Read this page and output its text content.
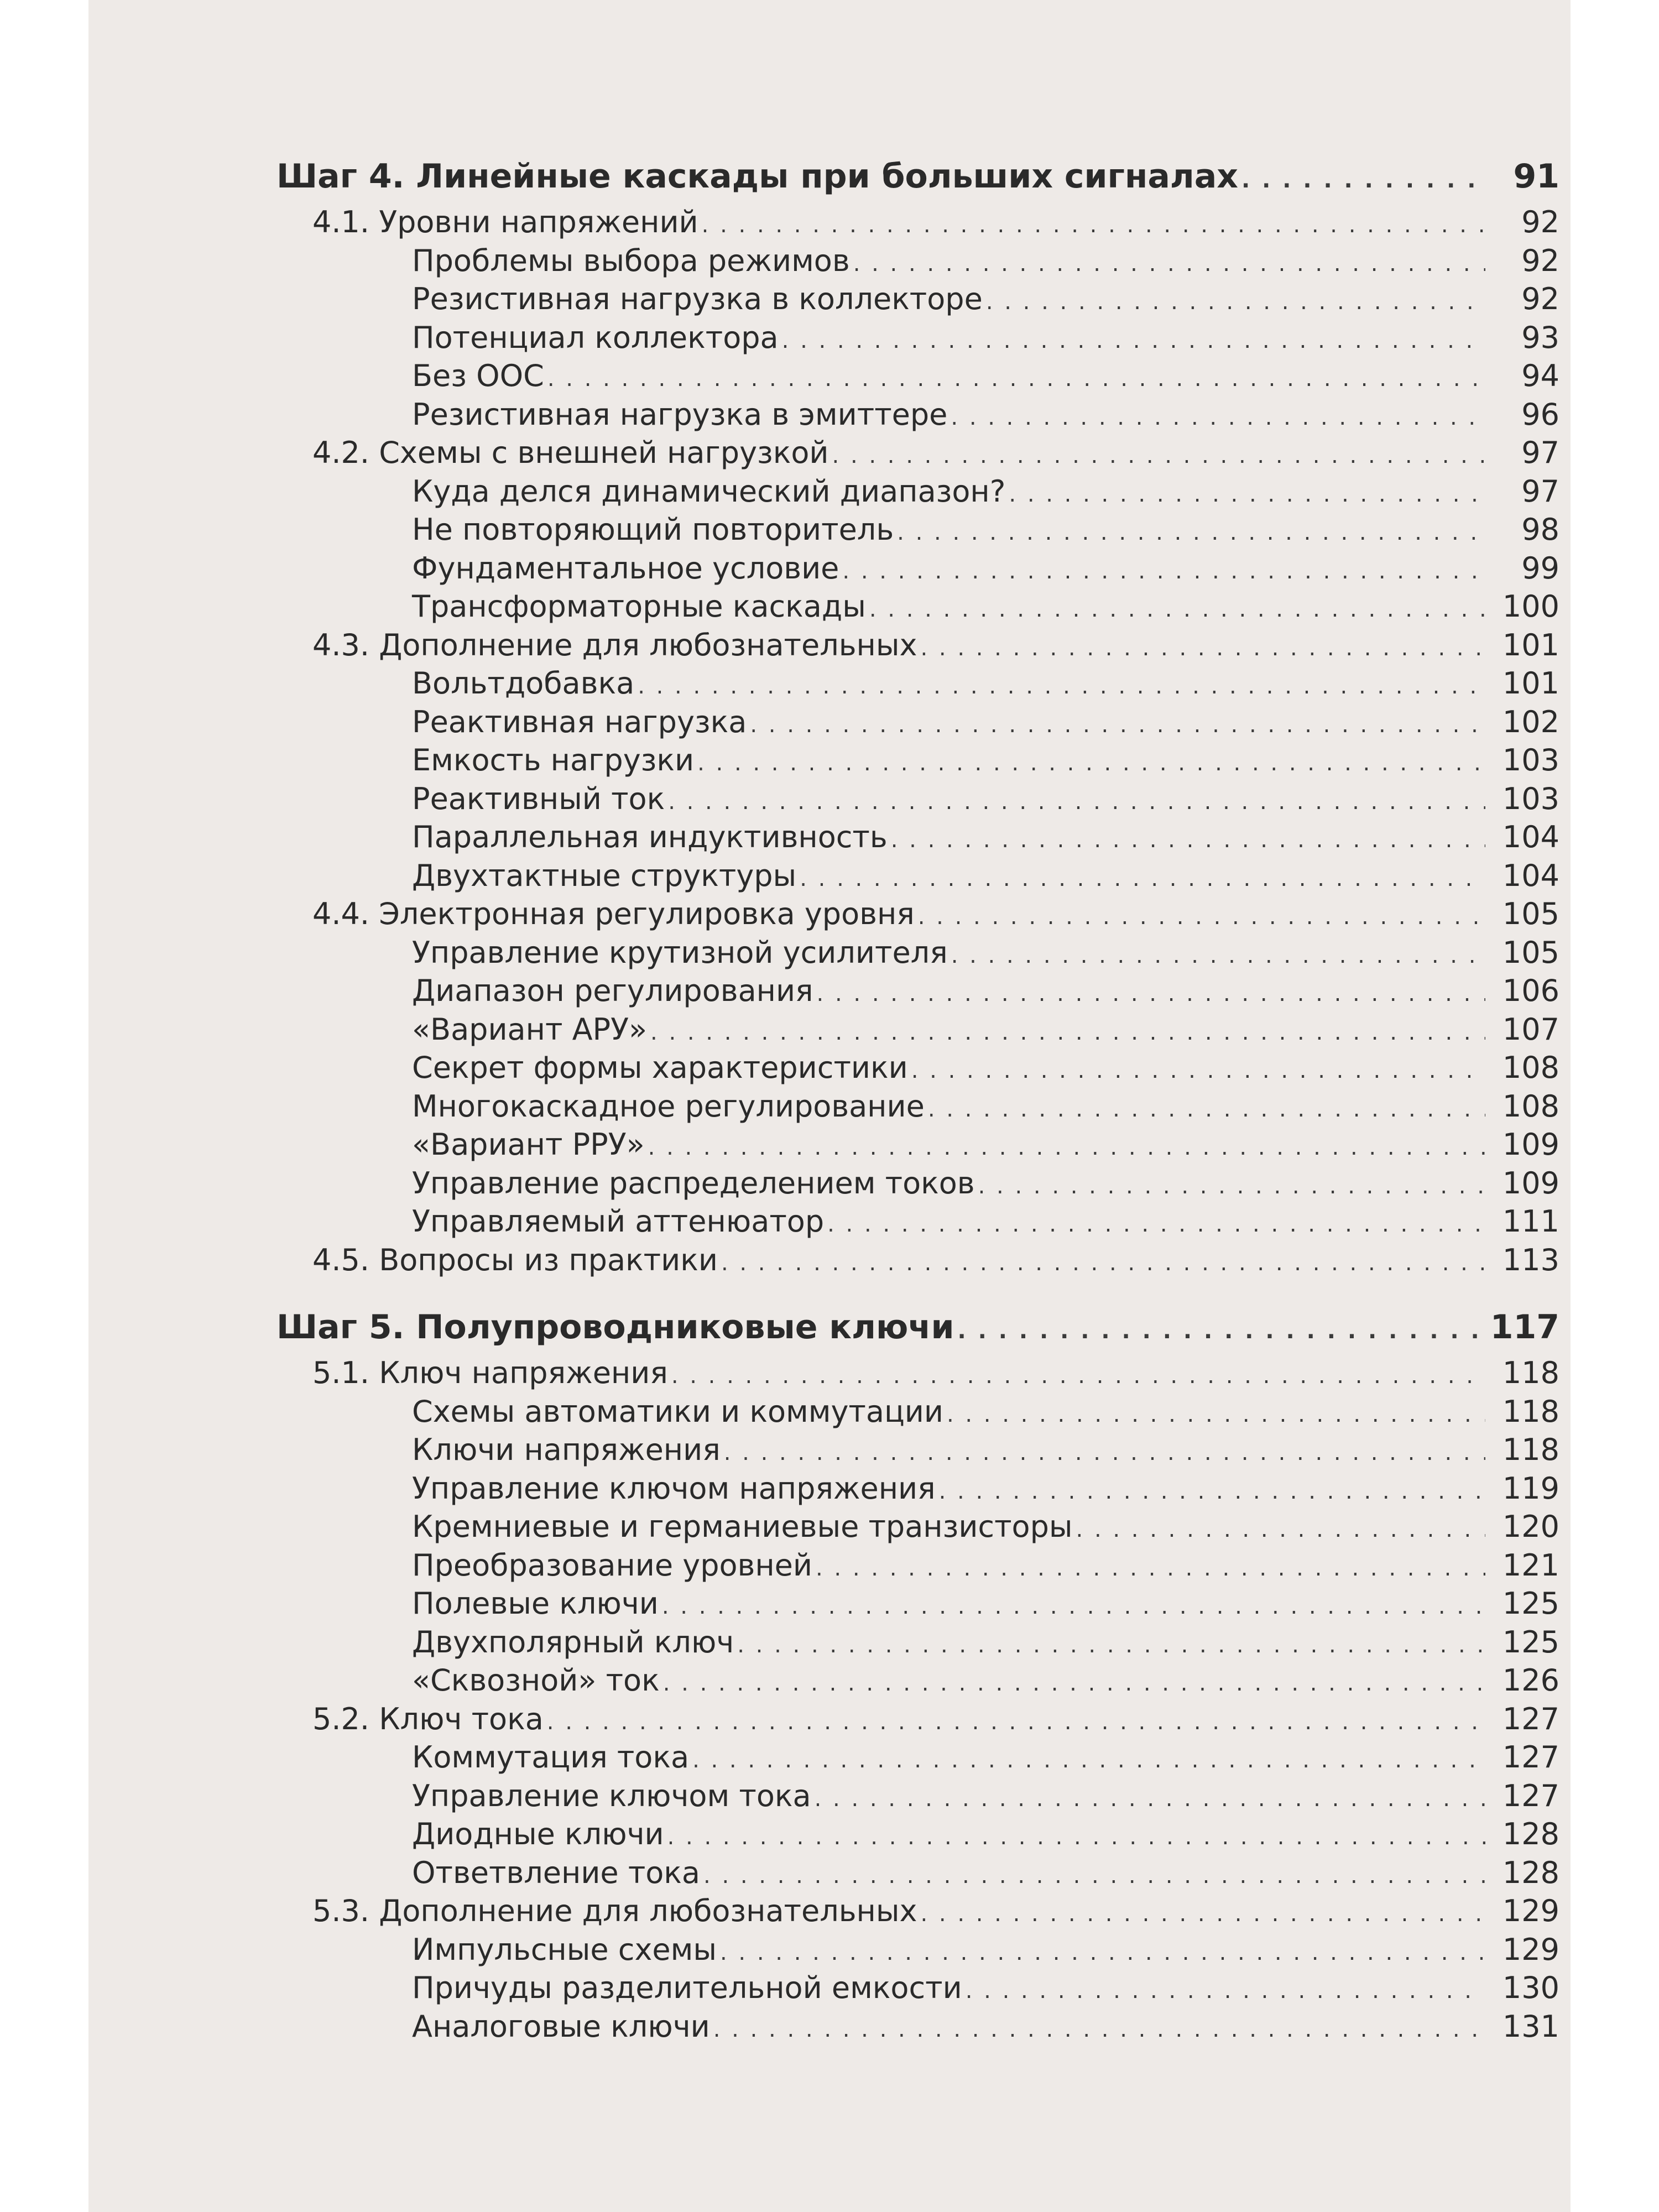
Шаг 4. Линейные каскады при больших сигналах . . .	91
4.1. Уровни напряжений . . .	92
Проблемы выбора режимов . . .	92
Резистивная нагрузка в коллекторе . . .	92
Потенциал коллектора . . .	93
Без ООС . . .	94
Резистивная нагрузка в эмиттере . . .	96
4.2. Схемы с внешней нагрузкой . . .	97
Куда делся динамический диапазон? . . .	97
Не повторяющий повторитель . . .	98
Фундаментальное условие . . .	99
Трансформаторные каскады . . .	100
4.3. Дополнение для любознательных . . .	101
Вольтдобавка . . .	101
Реактивная нагрузка . . .	102
Емкость нагрузки . . .	103
Реактивный ток . . .	103
Параллельная индуктивность . . .	104
Двухтактные структуры . . .	104
4.4. Электронная регулировка уровня . . .	105
Управление крутизной усилителя . . .	105
Диапазон регулирования . . .	106
«Вариант АРУ» . . .	107
Секрет формы характеристики . . .	108
Многокаскадное регулирование . . .	108
«Вариант РРУ» . . .	109
Управление распределением токов . . .	109
Управляемый аттенюатор . . .	111
4.5. Вопросы из практики . . .	113
Шаг 5. Полупроводниковые ключи . . .	117
5.1. Ключ напряжения . . .	118
Схемы автоматики и коммутации . . .	118
Ключи напряжения . . .	118
Управление ключом напряжения . . .	119
Кремниевые и германиевые транзисторы . . .	120
Преобразование уровней . . .	121
Полевые ключи . . .	125
Двухполярный ключ . . .	125
«Сквозной» ток . . .	126
5.2. Ключ тока . . .	127
Коммутация тока . . .	127
Управление ключом тока . . .	127
Диодные ключи . . .	128
Ответвление тока . . .	128
5.3. Дополнение для любознательных . . .	129
Импульсные схемы . . .	129
Причуды разделительной емкости . . .	130
Аналоговые ключи . . .	131
